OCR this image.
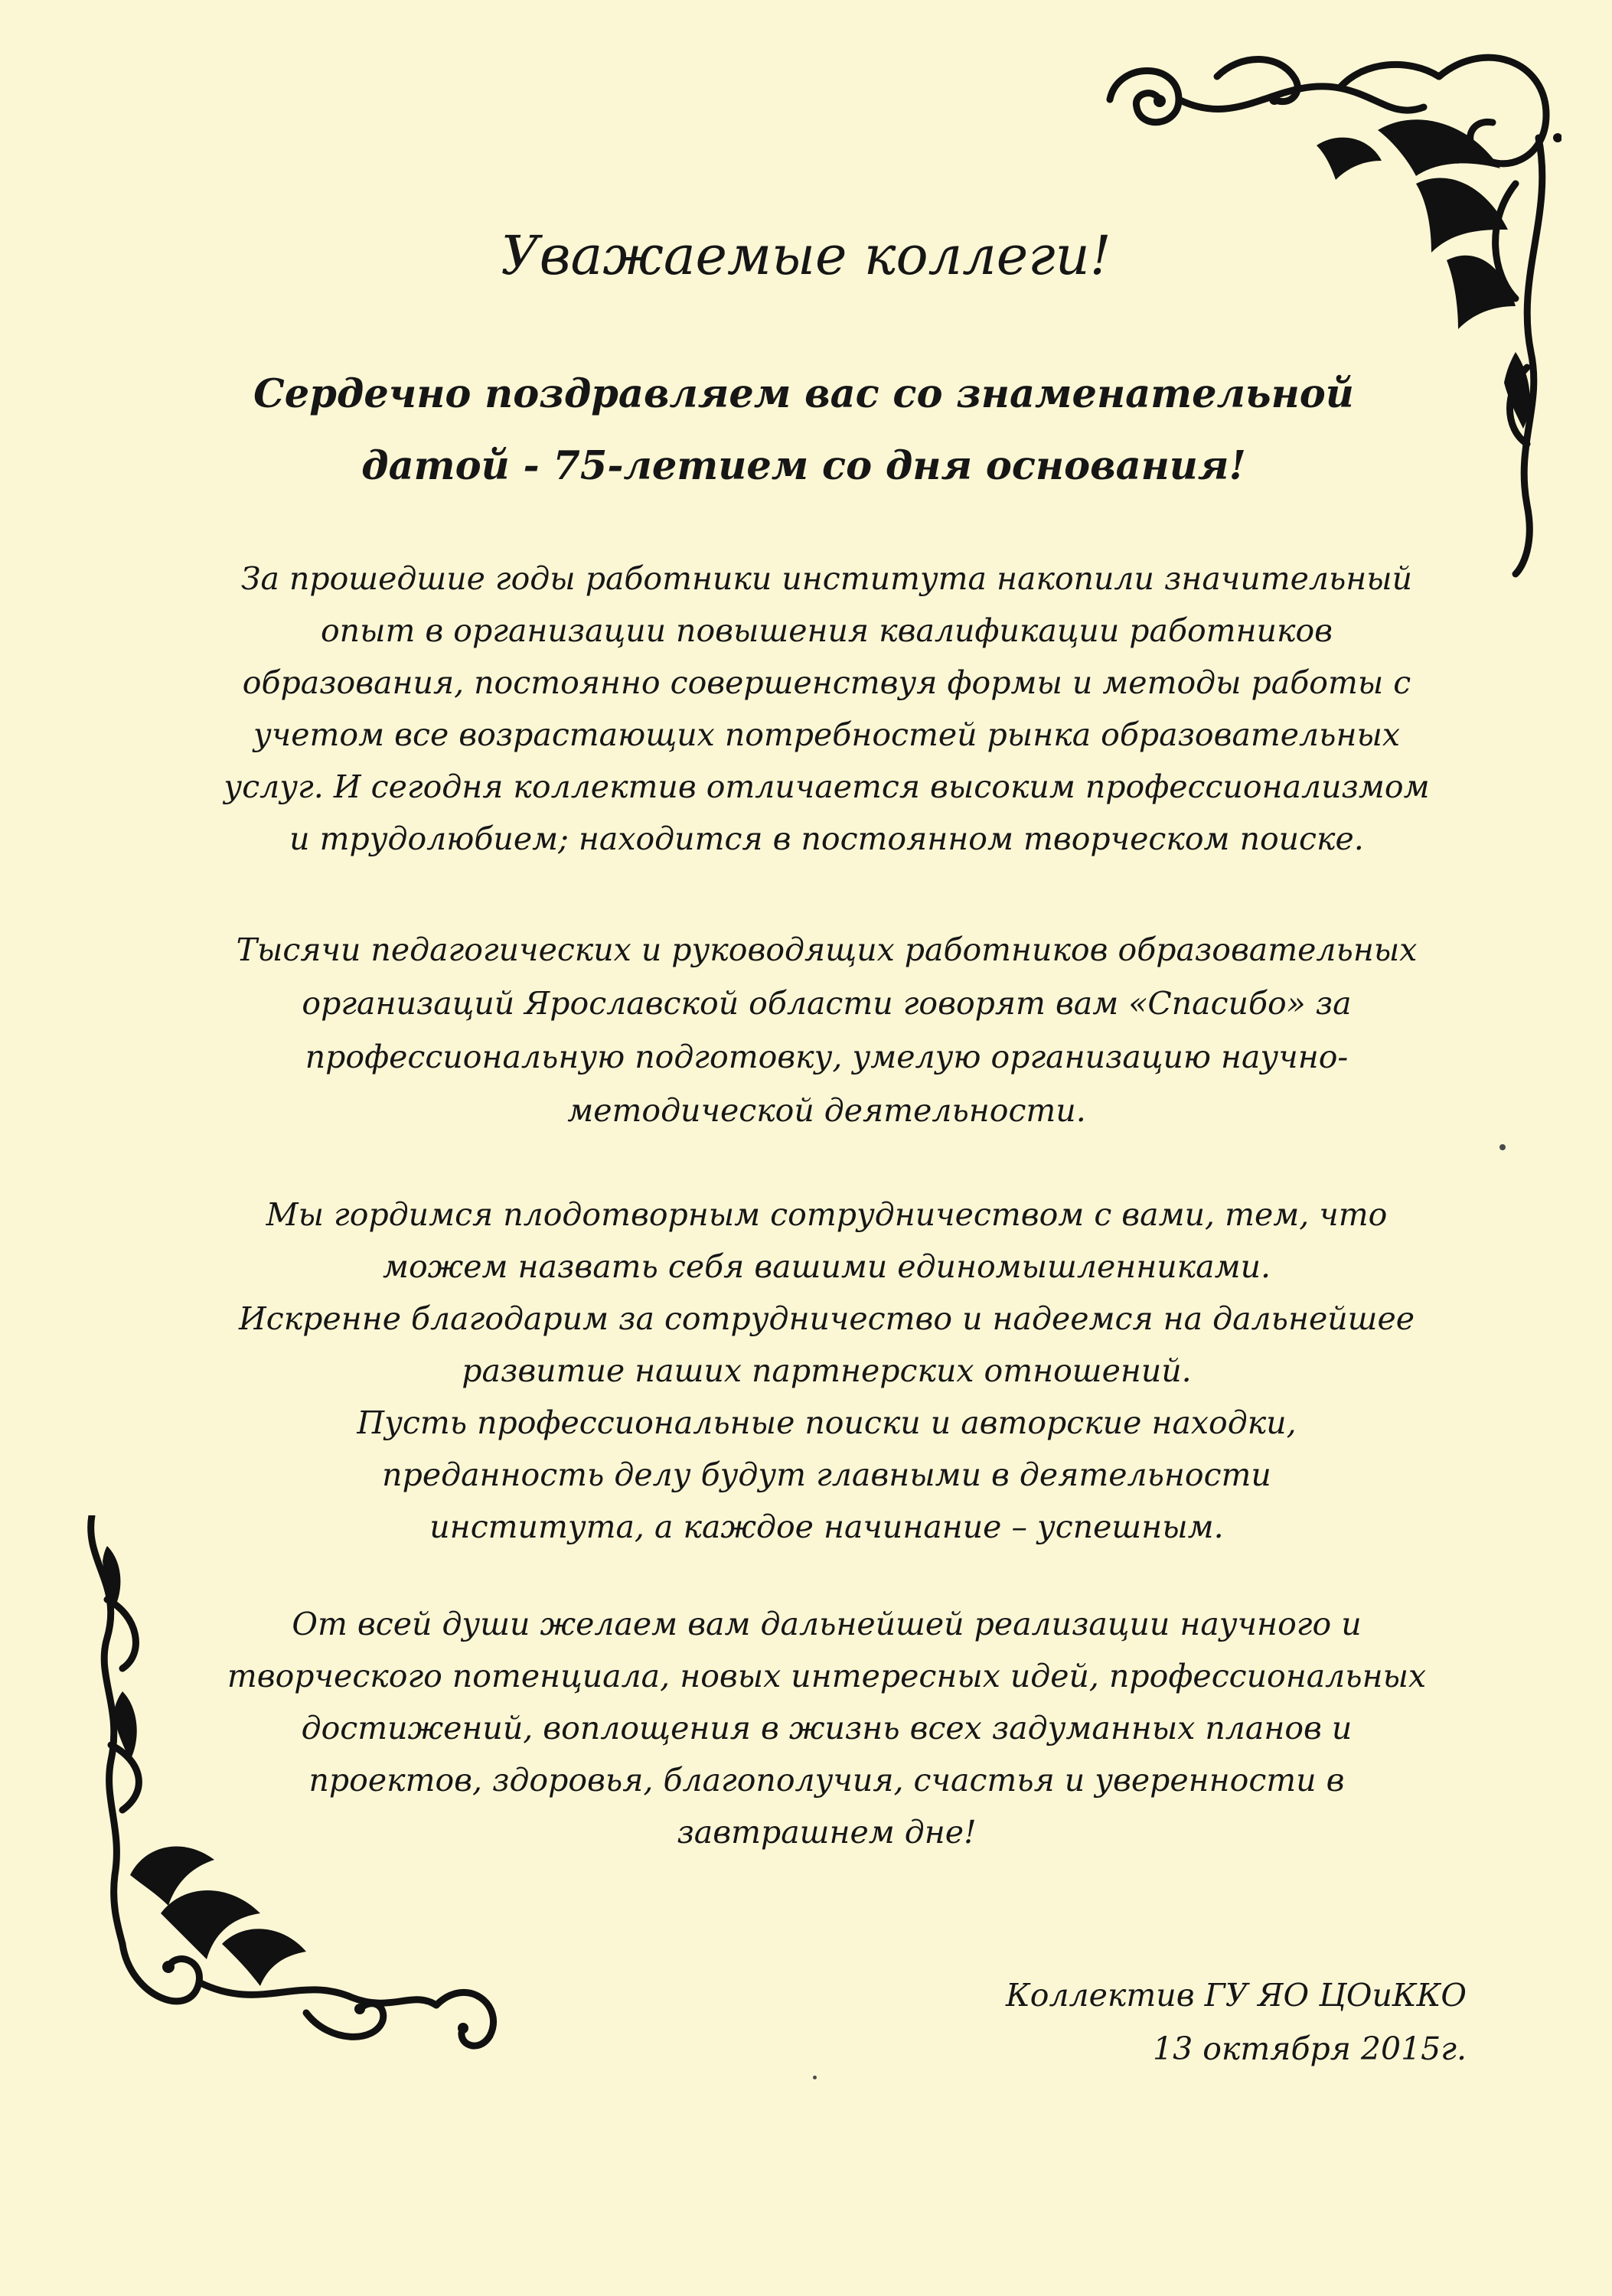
Уважаемые коллеги!
Сердечно поздравляем вас со знаменательной
датой - 75-летием со дня основания!
За прошедшие годы работники института накопили значительный
опыт в организации повышения квалификации работников
образования, постоянно совершенствуя формы и методы работы с
учетом все возрастающих потребностей рынка образовательных
услуг. И сегодня коллектив отличается высоким профессионализмом
и трудолюбием; находится в постоянном творческом поиске.
Тысячи педагогических и руководящих работников образовательных
организаций Ярославской области говорят вам «Спасибо» за
профессиональную подготовку, умелую организацию научно-
методической деятельности.
Мы гордимся плодотворным сотрудничеством с вами, тем, что
можем назвать себя вашими единомышленниками.
Искренне благодарим за сотрудничество и надеемся на дальнейшее
развитие наших партнерских отношений.
Пусть профессиональные поиски и авторские находки,
преданность делу будут главными в деятельности
института, а каждое начинание – успешным.
От всей души желаем вам дальнейшей реализации научного и
творческого потенциала, новых интересных идей, профессиональных
достижений, воплощения в жизнь всех задуманных планов и
проектов, здоровья, благополучия, счастья и уверенности в
завтрашнем дне!
Коллектив ГУ ЯО ЦОиККО
13 октября 2015г.
